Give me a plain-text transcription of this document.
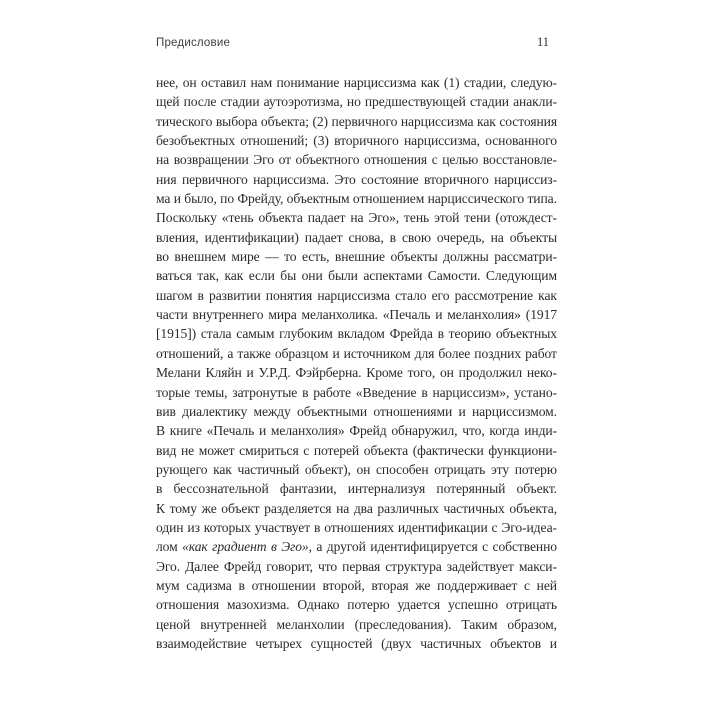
Предисловие	11
нее, он оставил нам понимание нарциссизма как (1) стадии, следую-
щей после стадии аутоэротизма, но предшествующей стадии анакли-
тического выбора объекта; (2) первичного нарциссизма как состояния
безобъектных отношений; (3) вторичного нарциссизма, основанного
на возвращении Эго от объектного отношения с целью восстановле-
ния первичного нарциссизма. Это состояние вторичного нарциссиз-
ма и было, по Фрейду, объектным отношением нарциссического типа.
Поскольку «тень объекта падает на Эго», тень этой тени (отождест-
вления, идентификации) падает снова, в свою очередь, на объекты
во внешнем мире — то есть, внешние объекты должны рассматри-
ваться так, как если бы они были аспектами Самости. Следующим
шагом в развитии понятия нарциссизма стало его рассмотрение как
части внутреннего мира меланхолика. «Печаль и меланхолия» (1917
[1915]) стала самым глубоким вкладом Фрейда в теорию объектных
отношений, а также образцом и источником для более поздних работ
Мелани Кляйн и У.Р.Д. Фэйрберна. Кроме того, он продолжил неко-
торые темы, затронутые в работе «Введение в нарциссизм», устано-
вив диалектику между объектными отношениями и нарциссизмом.
В книге «Печаль и меланхолия» Фрейд обнаружил, что, когда инди-
вид не может смириться с потерей объекта (фактически функциони-
рующего как частичный объект), он способен отрицать эту потерю
в бессознательной фантазии, интернализуя потерянный объект.
К тому же объект разделяется на два различных частичных объекта,
один из которых участвует в отношениях идентификации с Эго-идеа-
лом «как градиент в Эго», а другой идентифицируется с собственно
Эго. Далее Фрейд говорит, что первая структура задействует макси-
мум садизма в отношении второй, вторая же поддерживает с ней
отношения мазохизма. Однако потерю удается успешно отрицать
ценой внутренней меланхолии (преследования). Таким образом,
взаимодействие четырех сущностей (двух частичных объектов и
